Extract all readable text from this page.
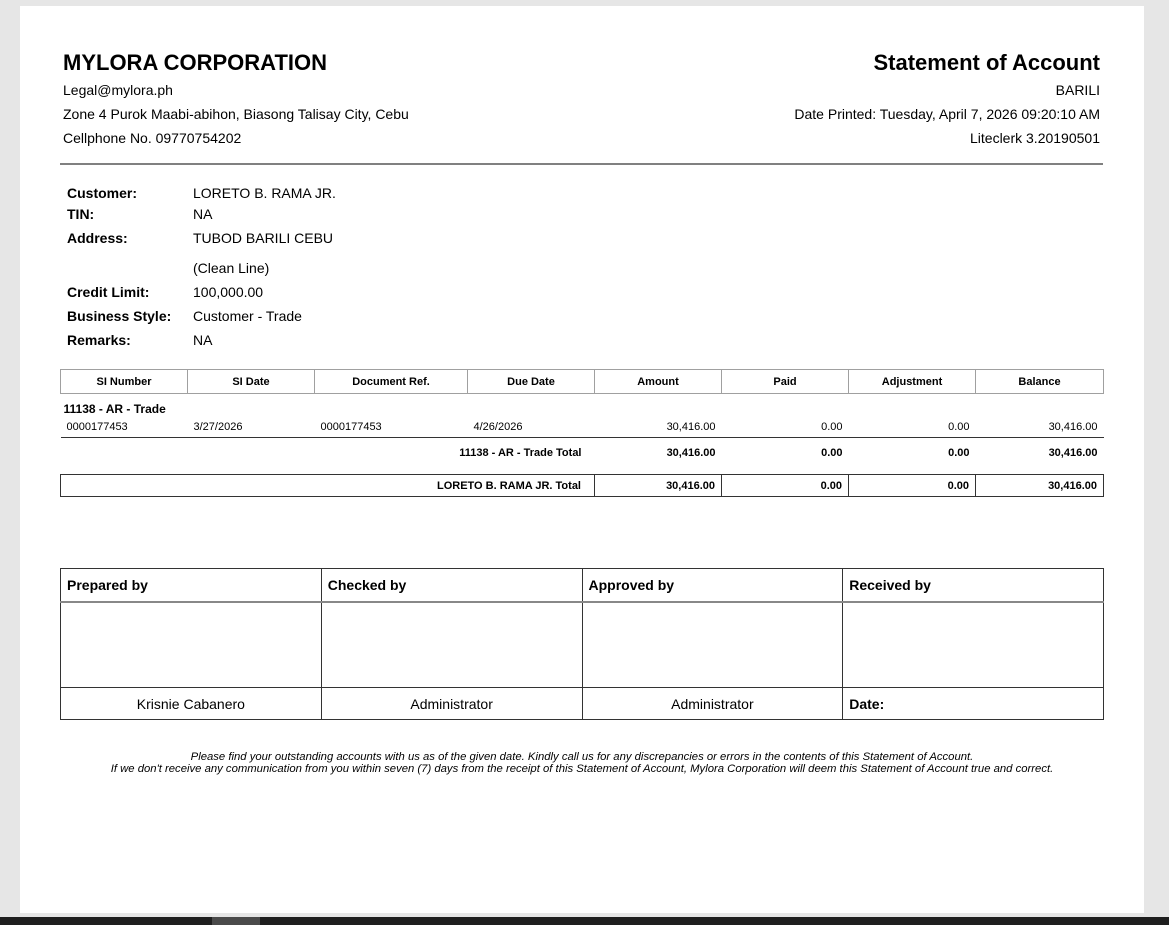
MYLORA CORPORATION
Legal@mylora.ph
Zone 4 Purok Maabi-abihon, Biasong Talisay City, Cebu
Cellphone No. 09770754202
Statement of Account
BARILI
Date Printed: Tuesday, April 7, 2026 09:20:10 AM
Liteclerk 3.20190501
Customer:	LORETO B. RAMA JR.
TIN:	NA
Address:	TUBOD BARILI CEBU
(Clean Line)
Credit Limit:	100,000.00
Business Style: Customer - Trade
Remarks:	NA
SI Number	SI Date	Document Ref.	Due Date	Amount	Paid	Adjustment	Balance
11138 - AR - Trade							
0000177453	3/27/2026	0000177453	4/26/2026	30,416.00	0.00	0.00	30,416.00
11138 - AR - Trade Total				30,416.00	0.00	0.00	30,416.00

LORETO B. RAMA JR. Total				30,416.00	0.00	0.00	30,416.00
Prepared by	Checked by	Approved by	Received by

Krisnie Cabanero	Administrator	Administrator	Date:
Please find your outstanding accounts with us as of the given date. Kindly call us for any discrepancies or errors in the contents of this Statement of Account.
If we don't receive any communication from you within seven (7) days from the receipt of this Statement of Account, Mylora Corporation will deem this Statement of Account true and correct.
